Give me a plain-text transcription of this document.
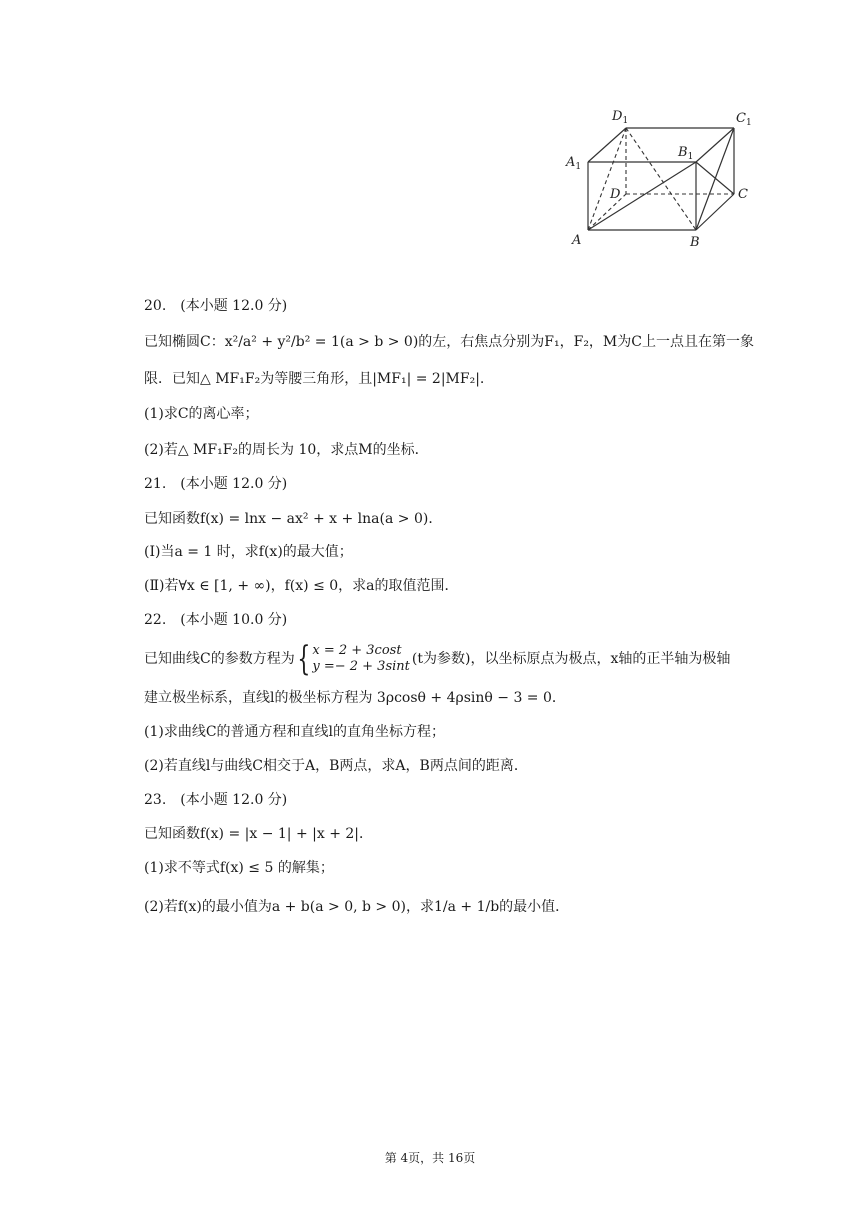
$D_1$	$C_1$
$A_1$
$B_1$
D	C
A	B
20.　(本小题 12.0 分)
已知椭圆C：x²/a² + y²/b² = 1(a > b > 0)的左，右焦点分别为F₁，F₂，M为C上一点且在第一象
限．已知△ MF₁F₂为等腰三角形，且|MF₁| = 2|MF₂|.
(1)求C的离心率；
(2)若△ MF₁F₂的周长为 10，求点M的坐标．
21.　(本小题 12.0 分)
已知函数f(x) = lnx − ax² + x + lna(a > 0)．
(Ⅰ)当a = 1 时，求f(x)的最大值；
(Ⅱ)若∀x ∈ [1, + ∞)，f(x) ≤ 0，求a的取值范围．
22.　(本小题 10.0 分)
已知曲线C的参数方程为 { x = 2 + 3cost
y =− 2 + 3sint (t为参数)，以坐标原点为极点，x轴的正半轴为极轴
建立极坐标系，直线l的极坐标方程为 3ρcosθ + 4ρsinθ − 3 = 0．
(1)求曲线C的普通方程和直线l的直角坐标方程；
(2)若直线l与曲线C相交于A，B两点，求A，B两点间的距离．
23.　(本小题 12.0 分)
已知函数f(x) = |x − 1| + |x + 2|．
(1)求不等式f(x) ≤ 5 的解集；
(2)若f(x)的最小值为a + b(a > 0, b > 0)，求1/a + 1/b的最小值．
第 4页，共 16页
